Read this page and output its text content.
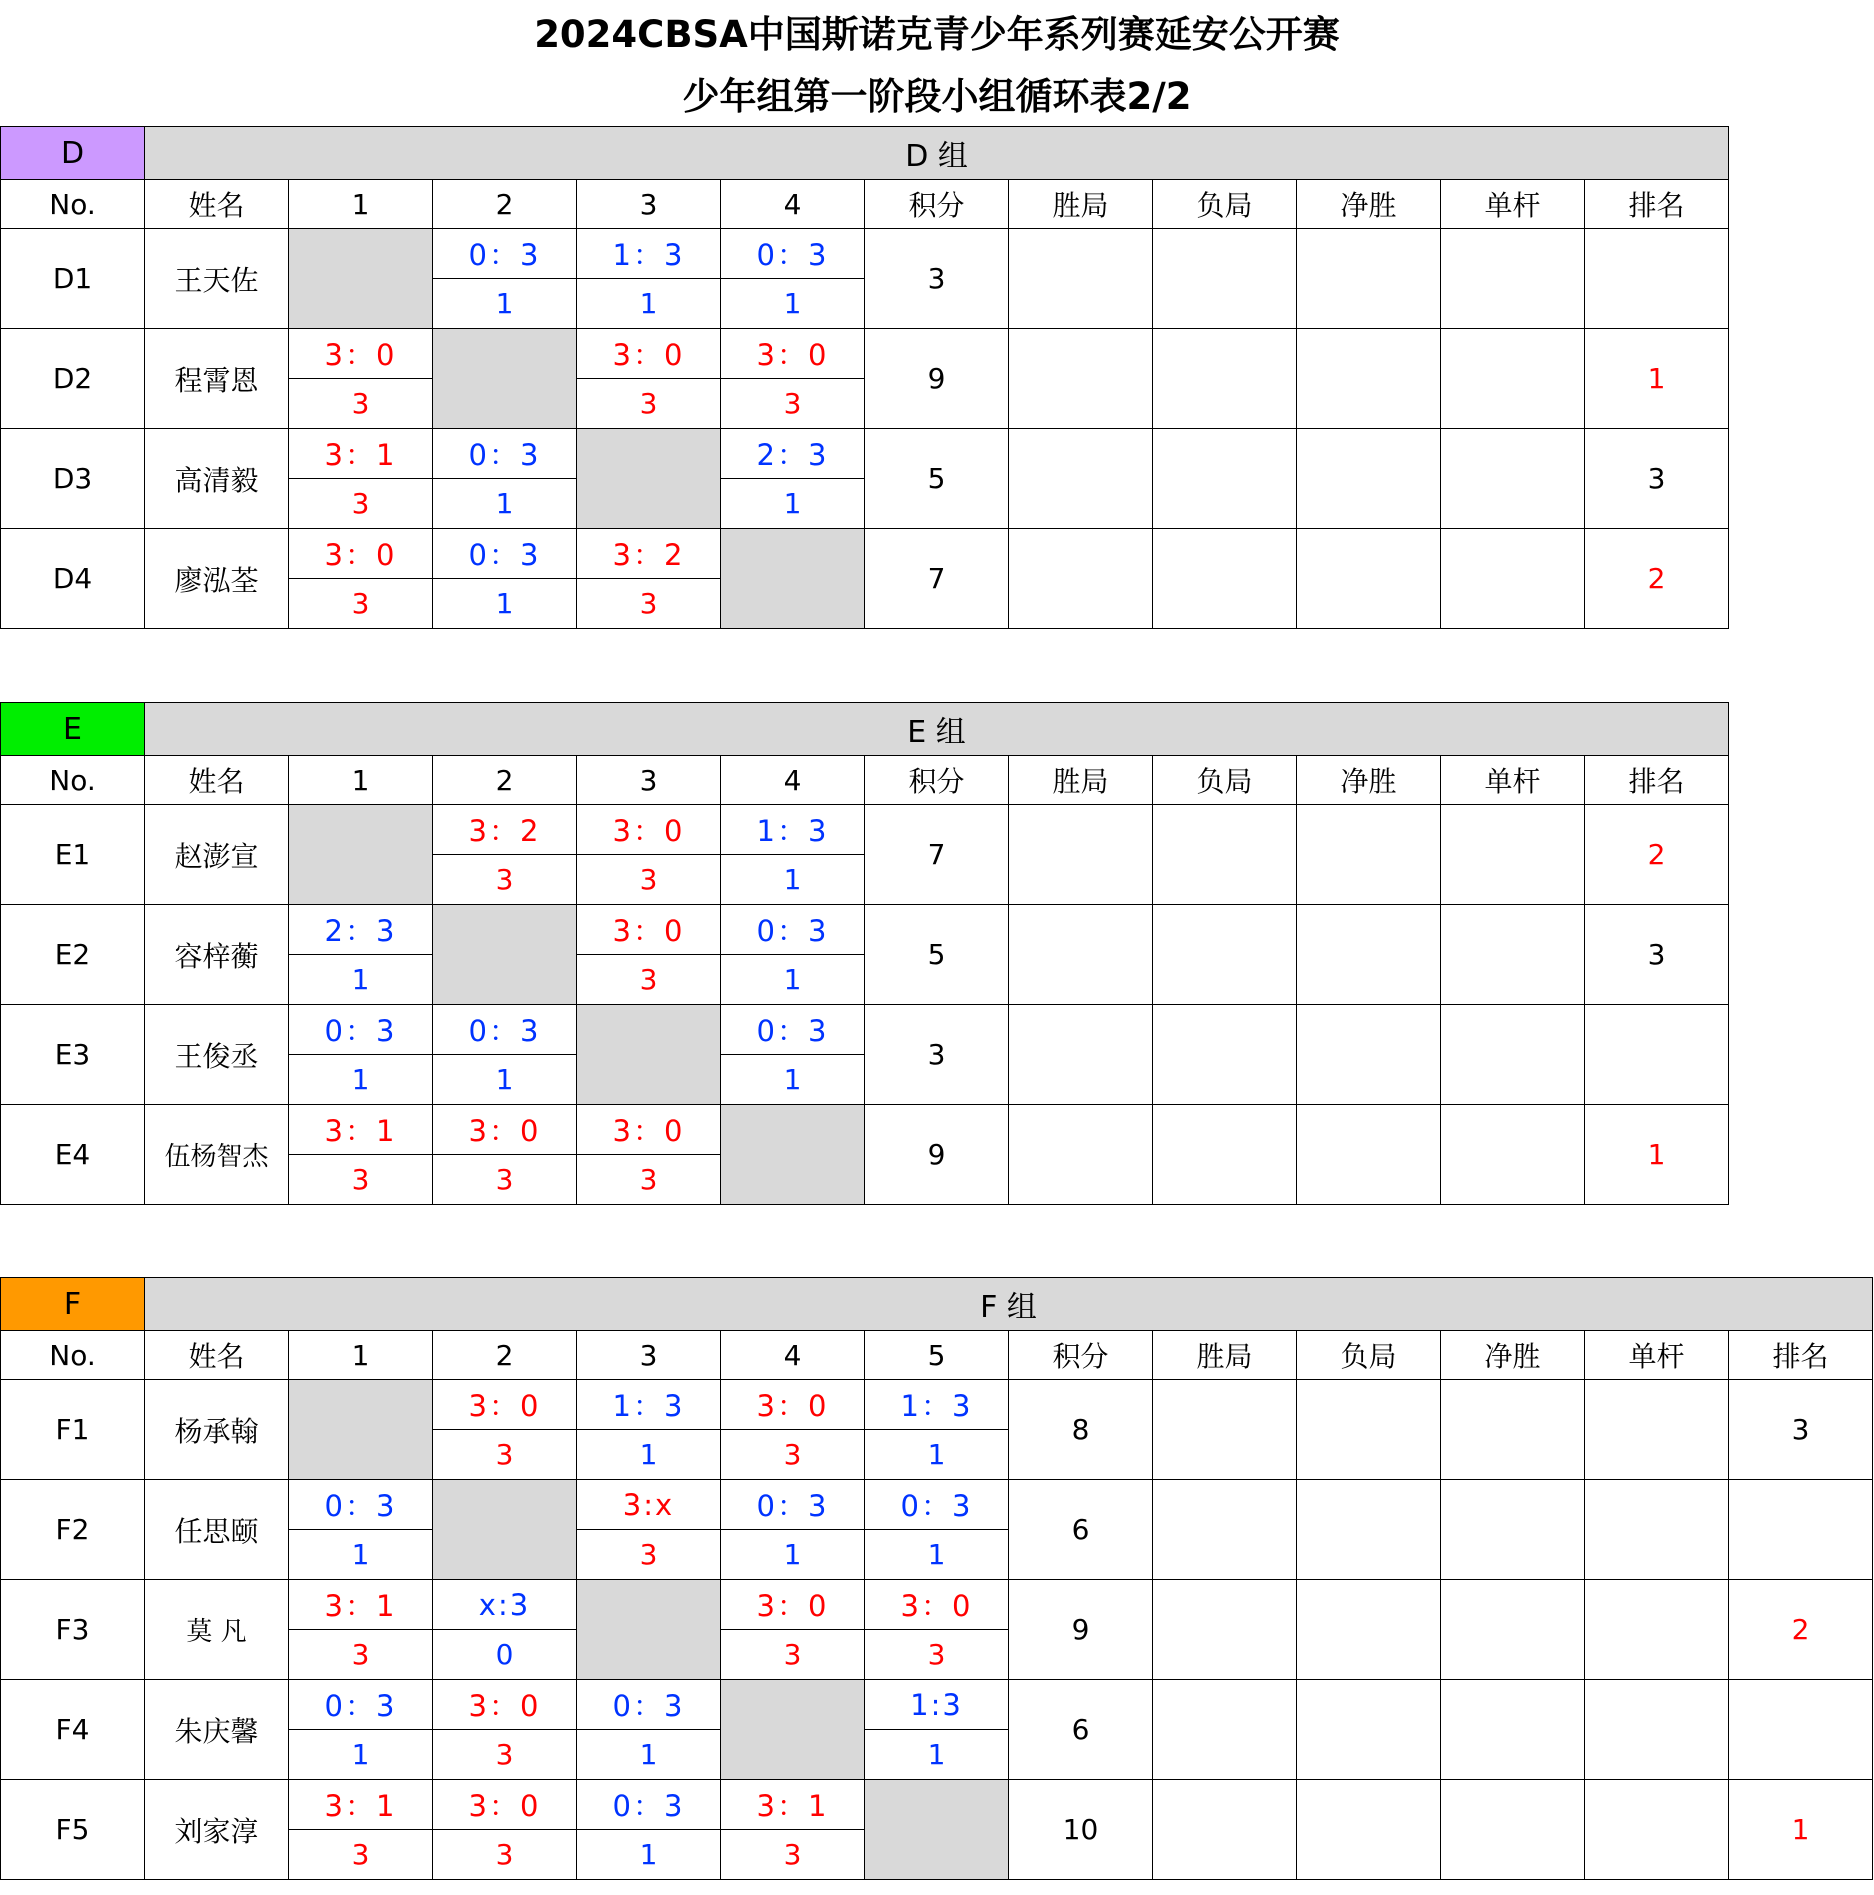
2024CBSA中国斯诺克青少年系列赛延安公开赛
少年组第一阶段小组循环表2/2
D	D 组										
No.	姓名	1	2	3	4	积分	胜局	负局	净胜	单杆	排名
D1	王天佐		0：3	1：3	0：3	3					
			1	1	1						
D2	程霄恩	3：0		3：0	3：0	9					1
		3		3	3						
D3	高清毅	3：1	0：3		2：3	5					3
		3	1		1						
D4	廖泓荃	3：0	0：3	3：2		7					2
		3	1	3							
E	E 组										
No.	姓名	1	2	3	4	积分	胜局	负局	净胜	单杆	排名
E1	赵澎宣		3：2	3：0	1：3	7					2
			3	3	1						
E2	容梓蘅	2：3		3：0	0：3	5					3
		1		3	1						
E3	王俊丞	0：3	0：3		0：3	3					
		1	1		1						
E4	伍杨智杰	3：1	3：0	3：0		9					1
		3	3	3							
F	F 组											
No.	姓名	1	2	3	4	5	积分	胜局	负局	净胜	单杆	排名
F1	杨承翰		3：0	1：3	3：0	1：3	8					3
			3	1	3	1						
F2	任思颐	0：3		3:x	0：3	0：3	6					
		1		3	1	1						
F3	莫 凡	3：1	x:3		3：0	3：0	9					2
		3	0		3	3						
F4	朱庆馨	0：3	3：0	0：3		1:3	6					
		1	3	1		1						
F5	刘家淳	3：1	3：0	0：3	3：1		10					1
		3	3	1	3							
